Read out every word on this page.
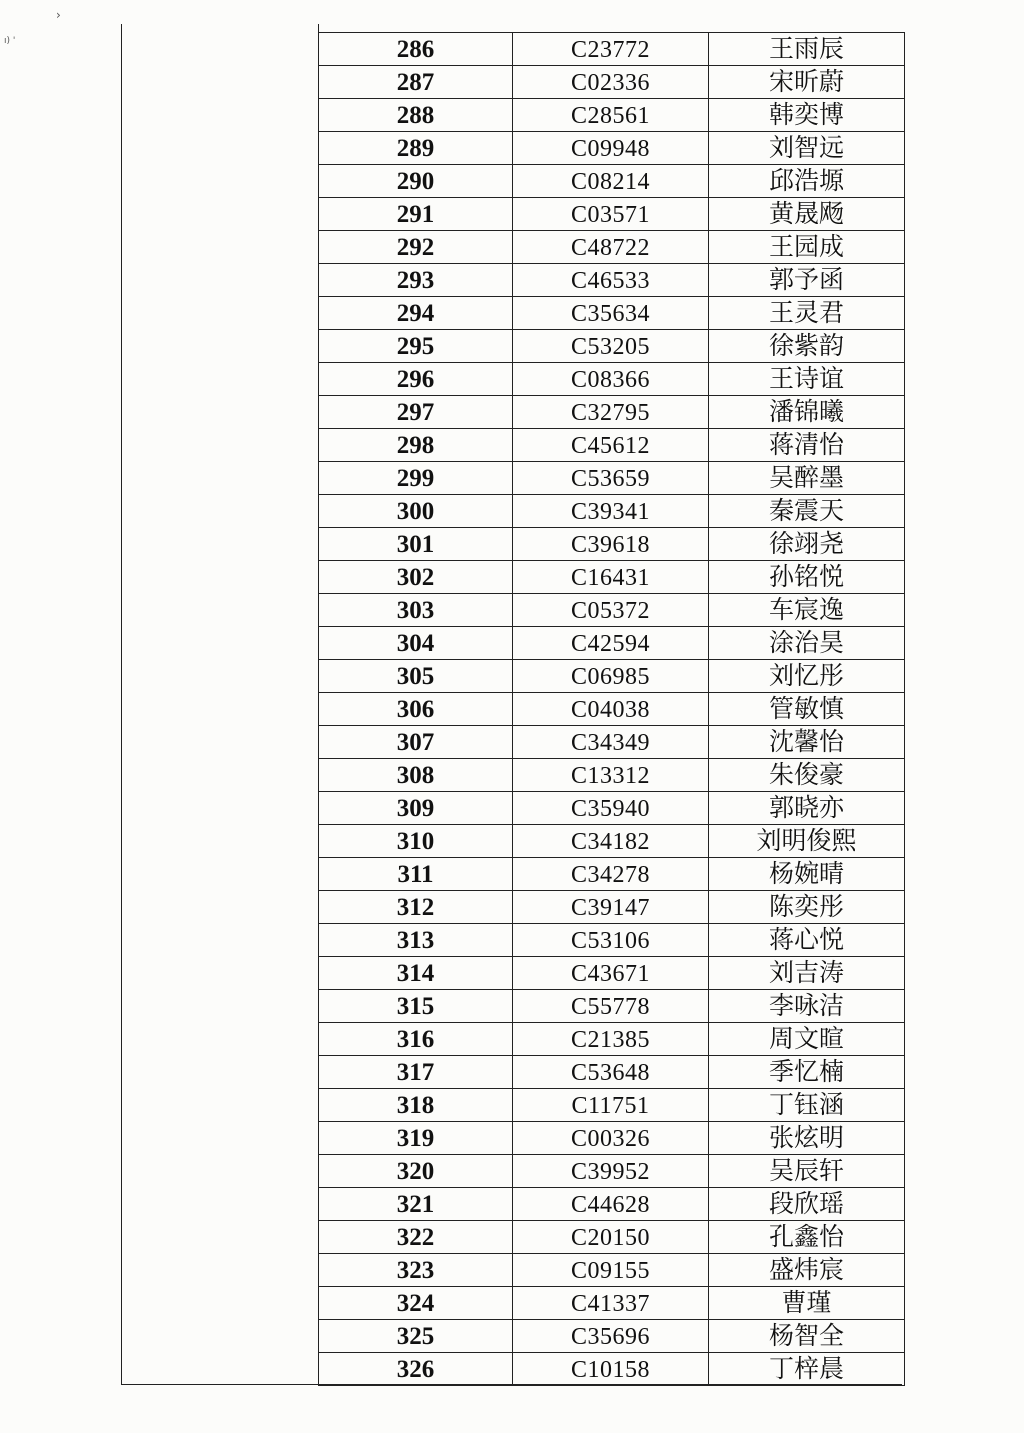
›
ı) '	286	C23772	王雨辰
287	C02336	宋昕蔚
288	C28561	韩奕博
289	C09948	刘智远
290	C08214	邱浩塬
291	C03571	黄晟飏
292	C48722	王园成
293	C46533	郭予函
294	C35634	王灵君
295	C53205	徐紫韵
296	C08366	王诗谊
297	C32795	潘锦曦
298	C45612	蒋清怡
299	C53659	吴醉墨
300	C39341	秦震天
301	C39618	徐翊尧
302	C16431	孙铭悦
303	C05372	车宸逸
304	C42594	涂治昊
305	C06985	刘忆彤
306	C04038	管敏慎
307	C34349	沈馨怡
308	C13312	朱俊豪
309	C35940	郭晓亦
310	C34182	刘明俊熙
311	C34278	杨婉晴
312	C39147	陈奕彤
313	C53106	蒋心悦
314	C43671	刘吉涛
315	C55778	李咏洁
316	C21385	周文暄
317	C53648	季忆楠
318	C11751	丁钰涵
319	C00326	张炫明
320	C39952	吴辰轩
321	C44628	段欣瑶
322	C20150	孔鑫怡
323	C09155	盛炜宸
324	C41337	曹瑾
325	C35696	杨智全
326	C10158	丁梓晨
